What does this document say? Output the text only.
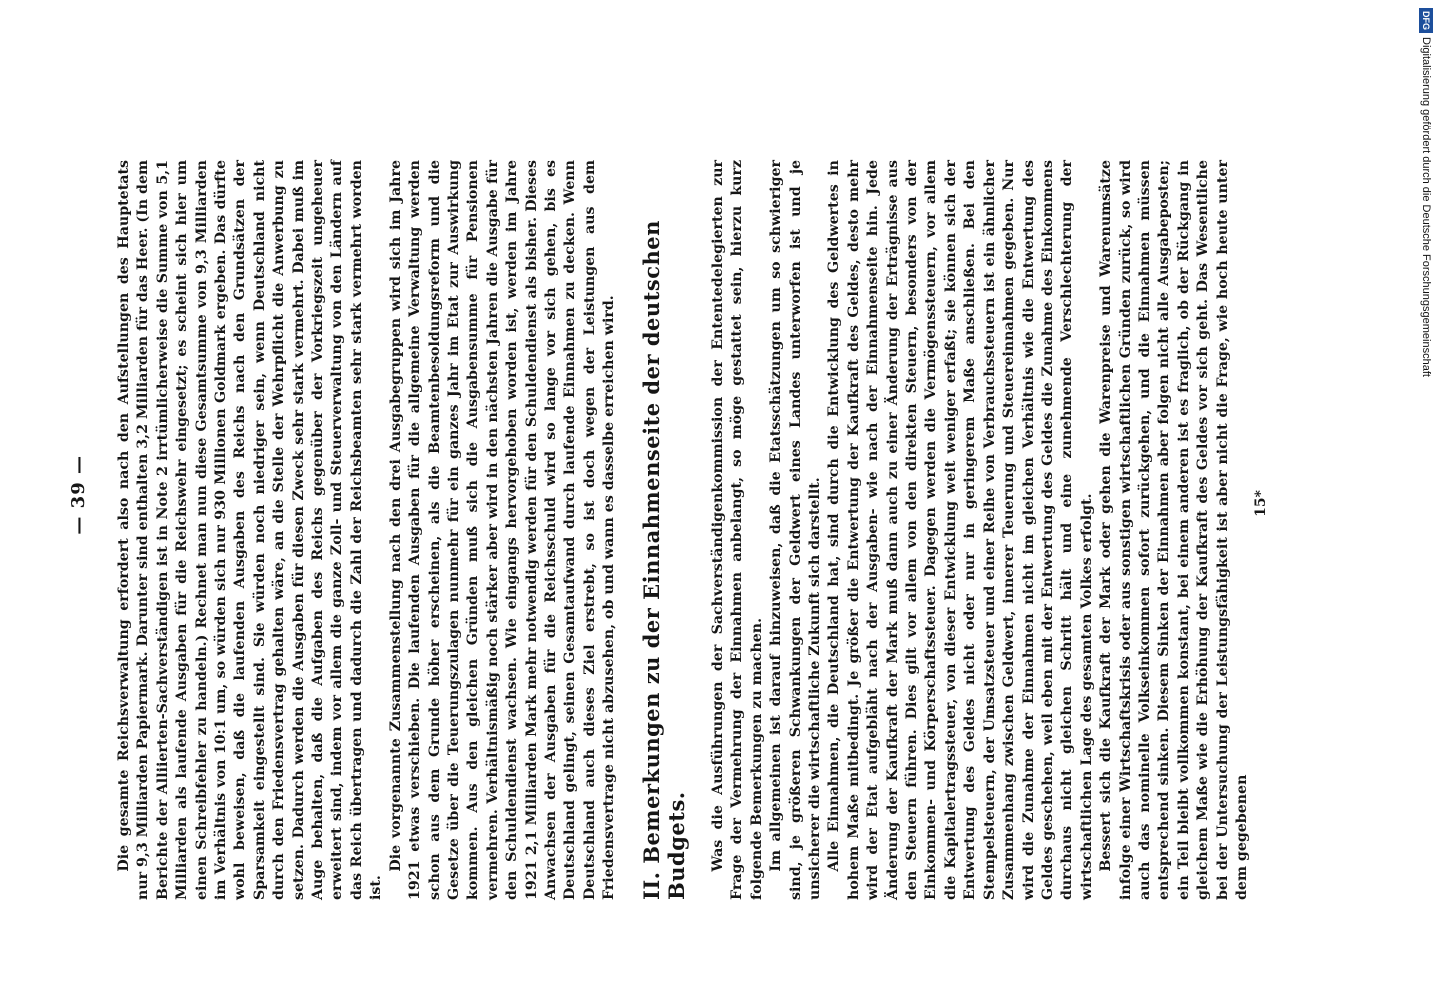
— 39 — Die gesamte Reichsverwaltung erfordert also nach den Aufstellungen des Hauptetats nur 9,3 Milliarden Papiermark. Darunter sind enthalten 3,2 Milliarden für das Heer. (In dem Berichte der Alliierten-Sachverständigen ist in Note 2 irrtümlicherweise die Summe von 5,1 Milliarden als laufende Ausgaben für die Reichswehr eingesetzt; es scheint sich hier um einen Schreibfehler zu handeln.) Rechnet man nun diese Gesamtsumme von 9,3 Milliarden im Verhältnis von 10:1 um, so würden sich nur 930 Millionen Goldmark ergeben. Das dürfte wohl beweisen, daß die laufenden Ausgaben des Reichs nach den Grundsätzen der Sparsamkeit eingestellt sind. Sie würden noch niedriger sein, wenn Deutschland nicht durch den Friedensvertrag gehalten wäre, an die Stelle der Wehrpflicht die Anwerbung zu setzen. Dadurch werden die Ausgaben für diesen Zweck sehr stark vermehrt. Dabei muß im Auge behalten, daß die Aufgaben des Reichs gegenüber der Vorkriegszeit ungeheuer erweitert sind, indem vor allem die ganze Zoll- und Steuerverwaltung von den Ländern auf das Reich übertragen und dadurch die Zahl der Reichsbeamten sehr stark vermehrt worden ist.

Die vorgenannte Zusammenstellung nach den drei Ausgabegruppen wird sich im Jahre 1921 etwas verschieben. Die laufenden Ausgaben für die allgemeine Verwaltung werden schon aus dem Grunde höher erscheinen, als die Beamtenbesoldungsreform und die Gesetze über die Teuerungszulagen nunmehr für ein ganzes Jahr im Etat zur Auswirkung kommen. Aus den gleichen Gründen muß sich die Ausgabensumme für Pensionen vermehren. Verhältnismäßig noch stärker aber wird in den nächsten Jahren die Ausgabe für den Schuldendienst wachsen. Wie eingangs hervorgehoben worden ist, werden im Jahre 1921 2,1 Milliarden Mark mehr notwendig werden für den Schuldendienst als bisher. Dieses Anwachsen der Ausgaben für die Reichsschuld wird so lange vor sich gehen, bis es Deutschland gelingt, seinen Gesamtaufwand durch laufende Einnahmen zu decken. Wenn Deutschland auch dieses Ziel erstrebt, so ist doch wegen der Leistungen aus dem Friedensvertrage nicht abzusehen, ob und wann es dasselbe erreichen wird. II. Bemerkungen zu der Einnahmenseite der deutschen Budgets. Was die Ausführungen der Sachverständigenkommission der Ententedelegierten zur Frage der Vermehrung der Einnahmen anbelangt, so möge gestattet sein, hierzu kurz folgende Bemerkungen zu machen. Im allgemeinen ist darauf hinzuweisen, daß die Etatsschätzungen um so schwieriger sind, je größeren Schwankungen der Geldwert eines Landes unterworfen ist und je unsicherer die wirtschaftliche Zukunft sich darstellt. Alle Einnahmen, die Deutschland hat, sind durch die Entwicklung des Geldwertes in hohem Maße mitbedingt. Je größer die Entwertung der Kaufkraft des Geldes, desto mehr wird der Etat aufgebläht nach der Ausgaben- wie nach der Einnahmenseite hin. Jede Änderung der Kaufkraft der Mark muß dann auch zu einer Änderung der Erträgnisse aus den Steuern führen. Dies gilt vor allem von den direkten Steuern, besonders von der Einkommen- und Körperschaftssteuer. Dagegen werden die Vermögenssteuern, vor allem die Kapitalertragssteuer, von dieser Entwicklung weit weniger erfaßt; sie können sich der Entwertung des Geldes nicht oder nur in geringerem Maße anschließen. Bei den Stempelsteuern, der Umsatzsteuer und einer Reihe von Verbrauchssteuern ist ein ähnlicher Zusammenhang zwischen Geldwert, innerer Teuerung und Steuereinnahmen gegeben. Nur wird die Zunahme der Einnahmen nicht im gleichen Verhältnis wie die Entwertung des Geldes geschehen, weil eben mit der Entwertung des Geldes die Zunahme des Einkommens durchaus nicht gleichen Schritt hält und eine zunehmende Verschlechterung der wirtschaftlichen Lage des gesamten Volkes erfolgt. Bessert sich die Kaufkraft der Mark oder gehen die Warenpreise und Warenumsätze infolge einer Wirtschaftskrisis oder aus sonstigen wirtschaftlichen Gründen zurück, so wird auch das nominelle Volkseinkommen sofort zurückgehen, und die Einnahmen müssen entsprechend sinken. Diesem Sinken der Einnahmen aber folgen nicht alle Ausgabeposten; ein Teil bleibt vollkommen konstant, bei einem anderen ist es fraglich, ob der Rückgang in gleichem Maße wie die Erhöhung der Kaufkraft des Geldes vor sich geht. Das Wesentliche bei der Untersuchung der Leistungsfähigkeit ist aber nicht die Frage, wie hoch heute unter dem gegebenen

15*
DFG
Digitalisierung gefördert durch die Deutsche Forschungsgemeinschaft
